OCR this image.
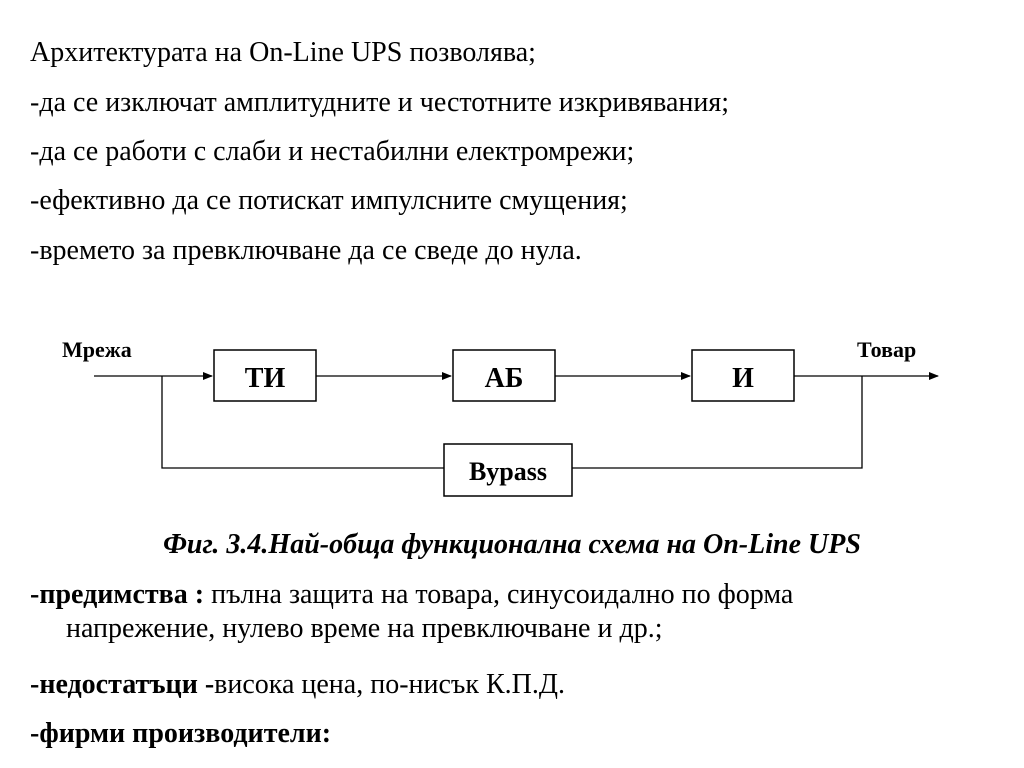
Архитектурата на On-Line UPS позволява;
-да се изключат амплитудните и честотните изкривявания;
-да се работи с слаби и нестабилни електромрежи;
-ефективно да се потискат импулсните смущения;
-времето за превключване да се сведе до нула.
Мрежа	Товар
ТИ	АБ	И
Bypass
Фиг. 3.4.Най-обща функционална схема на On-Line UPS
-предимства : пълна защита на товара, синусоидално по форма
напрежение, нулево време на превключване и др.;
-недостатъци -висока цена, по-нисък К.П.Д.
-фирми производители:
